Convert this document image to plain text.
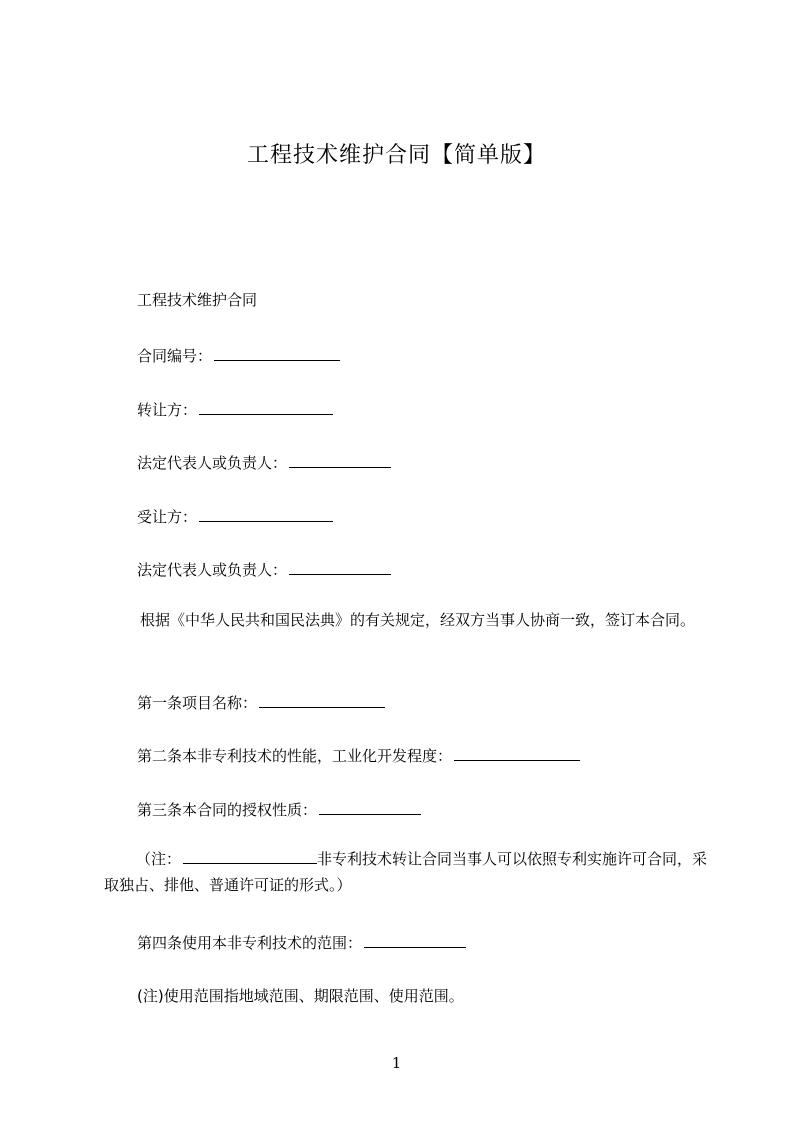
工程技术维护合同【简单版】
工程技术维护合同
合同编号：
转让方：
法定代表人或负责人：
受让方：
法定代表人或负责人：
根据《中华人民共和国民法典》的有关规定，经双方当事人协商一致，签订本合同。
第一条项目名称：
第二条本非专利技术的性能，工业化开发程度：
第三条本合同的授权性质：
（注：	非专利技术转让合同当事人可以依照专利实施许可合同，采取独占、排他、普通许可证的形式。）
第四条使用本非专利技术的范围：
(注)使用范围指地域范围、期限范围、使用范围。
1
